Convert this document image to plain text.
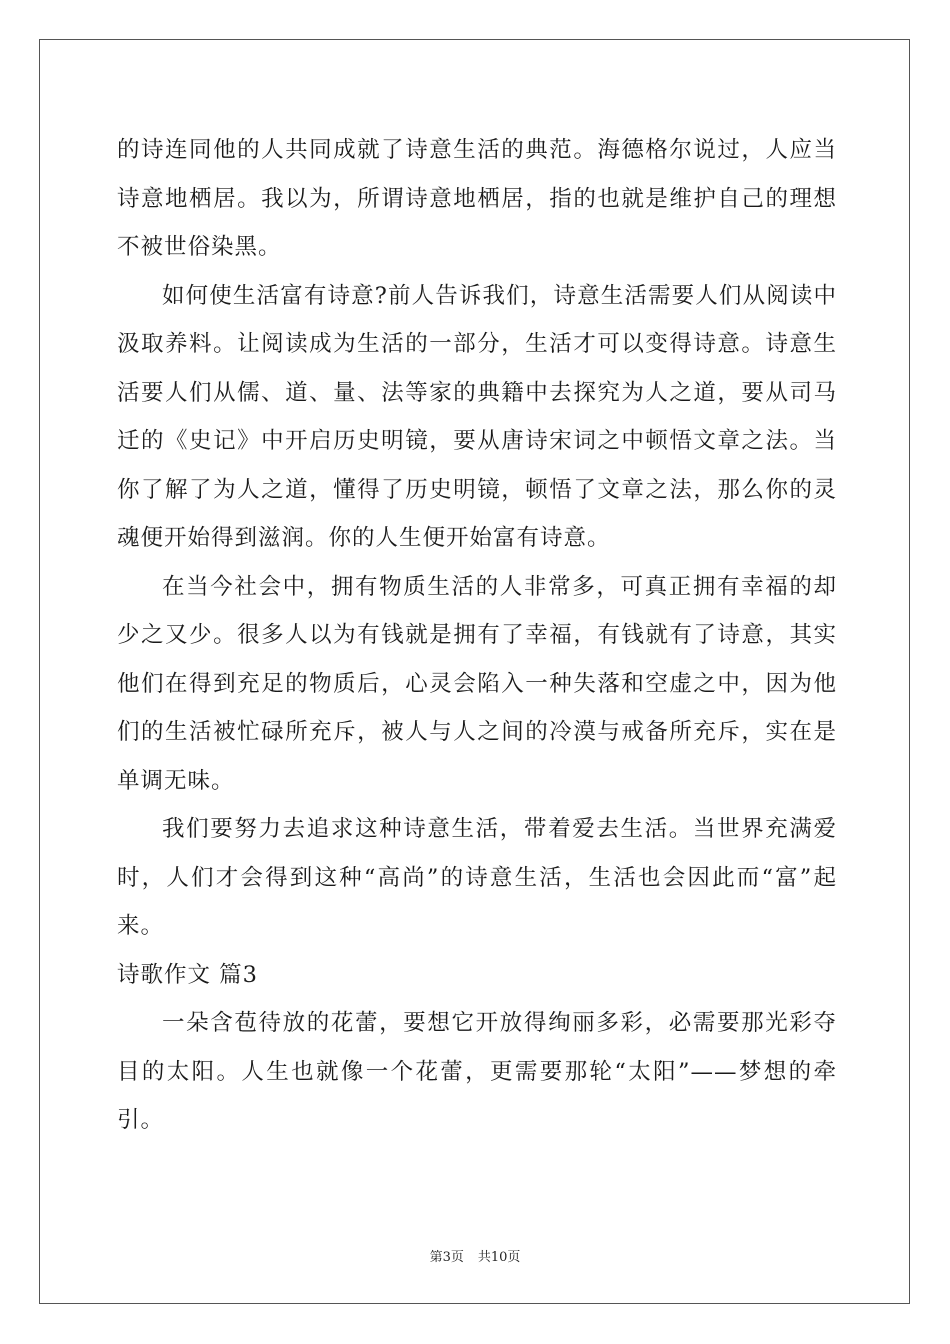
的诗连同他的人共同成就了诗意生活的典范。海德格尔说过，人应当诗意地栖居。我以为，所谓诗意地栖居，指的也就是维护自己的理想不被世俗染黑。

如何使生活富有诗意?前人告诉我们，诗意生活需要人们从阅读中汲取养料。让阅读成为生活的一部分，生活才可以变得诗意。诗意生活要人们从儒、道、量、法等家的典籍中去探究为人之道，要从司马迁的《史记》中开启历史明镜，要从唐诗宋词之中顿悟文章之法。当你了解了为人之道，懂得了历史明镜，顿悟了文章之法，那么你的灵魂便开始得到滋润。你的人生便开始富有诗意。

在当今社会中，拥有物质生活的人非常多，可真正拥有幸福的却少之又少。很多人以为有钱就是拥有了幸福，有钱就有了诗意，其实他们在得到充足的物质后，心灵会陷入一种失落和空虚之中，因为他们的生活被忙碌所充斥，被人与人之间的冷漠与戒备所充斥，实在是单调无味。

我们要努力去追求这种诗意生活，带着爱去生活。当世界充满爱时，人们才会得到这种“高尚”的诗意生活，生活也会因此而“富”起来。

诗歌作文 篇3

一朵含苞待放的花蕾，要想它开放得绚丽多彩，必需要那光彩夺目的太阳。人生也就像一个花蕾，更需要那轮“太阳”——梦想的牵引。

第3页 共10页
